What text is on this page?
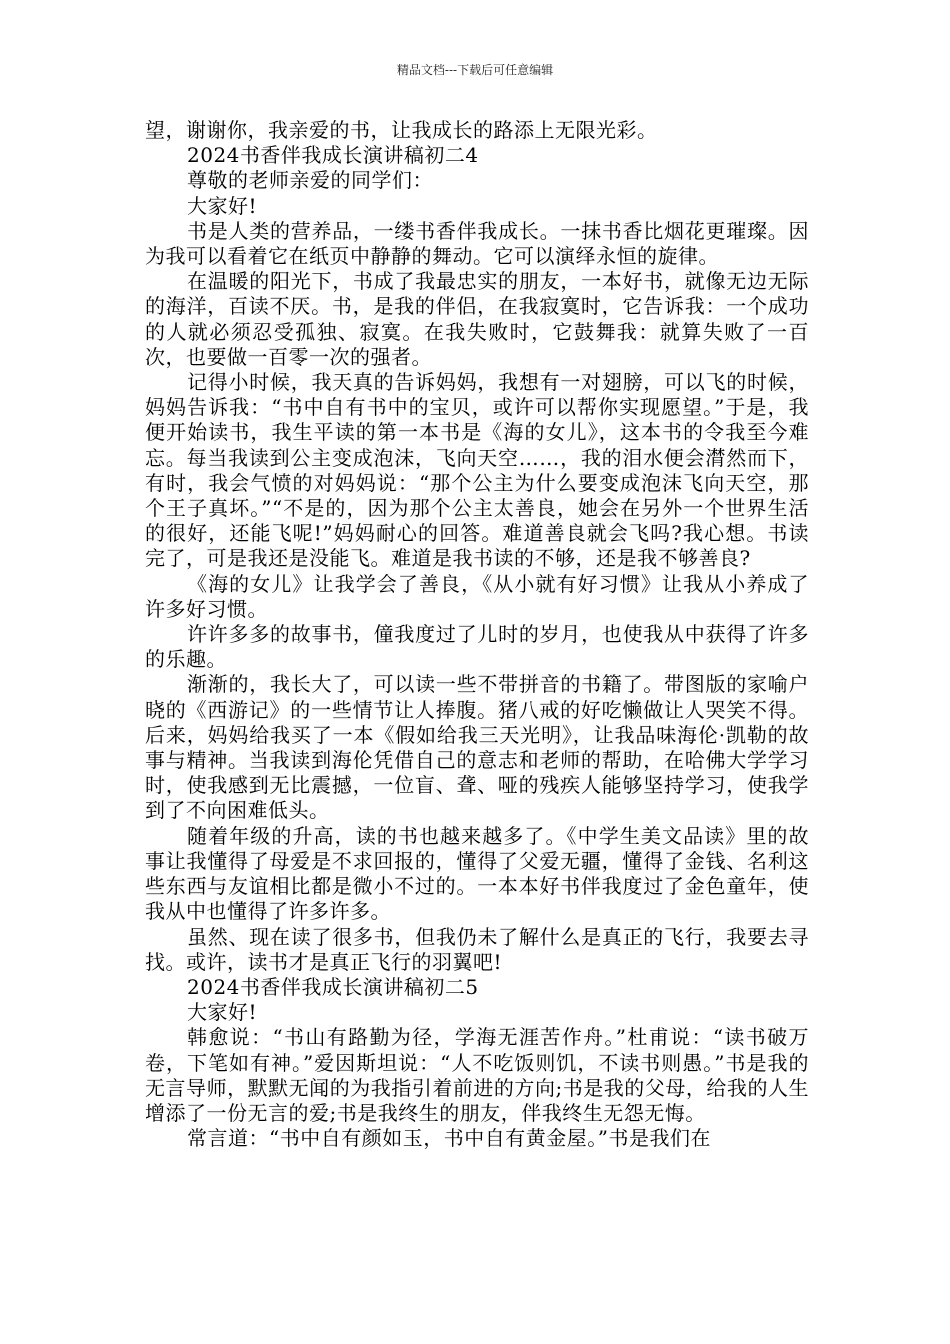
精品文档---下载后可任意编辑

望，谢谢你，我亲爱的书，让我成长的路添上无限光彩。

2024书香伴我成长演讲稿初二4

尊敬的老师亲爱的同学们：

大家好!

书是人类的营养品，一缕书香伴我成长。一抹书香比烟花更璀璨。因为我可以看着它在纸页中静静的舞动。它可以演绎永恒的旋律。

在温暖的阳光下，书成了我最忠实的朋友，一本好书，就像无边无际的海洋，百读不厌。书，是我的伴侣，在我寂寞时，它告诉我：一个成功的人就必须忍受孤独、寂寞。在我失败时，它鼓舞我：就算失败了一百次，也要做一百零一次的强者。

记得小时候，我天真的告诉妈妈，我想有一对翅膀，可以飞的时候，妈妈告诉我：“书中自有书中的宝贝，或许可以帮你实现愿望。”于是，我便开始读书，我生平读的第一本书是《海的女儿》，这本书的令我至今难忘。每当我读到公主变成泡沫，飞向天空……，我的泪水便会潸然而下，有时，我会气愤的对妈妈说：“那个公主为什么要变成泡沫飞向天空，那个王子真坏。”“不是的，因为那个公主太善良，她会在另外一个世界生活的很好，还能飞呢!”妈妈耐心的回答。难道善良就会飞吗?我心想。书读完了，可是我还是没能飞。难道是我书读的不够，还是我不够善良?

《海的女儿》让我学会了善良，《从小就有好习惯》让我从小养成了许多好习惯。

许许多多的故事书，僮我度过了儿时的岁月，也使我从中获得了许多的乐趣。

渐渐的，我长大了，可以读一些不带拼音的书籍了。带图版的家喻户晓的《西游记》的一些情节让人捧腹。猪八戒的好吃懒做让人哭笑不得。后来，妈妈给我买了一本《假如给我三天光明》，让我品味海伦·凯勒的故事与精神。当我读到海伦凭借自己的意志和老师的帮助，在哈佛大学学习时，使我感到无比震撼，一位盲、聋、哑的残疾人能够坚持学习，使我学到了不向困难低头。

随着年级的升高，读的书也越来越多了。《中学生美文品读》里的故事让我懂得了母爱是不求回报的，懂得了父爱无疆，懂得了金钱、名利这些东西与友谊相比都是微小不过的。一本本好书伴我度过了金色童年，使我从中也懂得了许多许多。

虽然、现在读了很多书，但我仍未了解什么是真正的飞行，我要去寻找。或许，读书才是真正飞行的羽翼吧!

2024书香伴我成长演讲稿初二5

大家好!

韩愈说：“书山有路勤为径，学海无涯苦作舟。”杜甫说：“读书破万卷，下笔如有神。”爱因斯坦说：“人不吃饭则饥，不读书则愚。”书是我的无言导师，默默无闻的为我指引着前进的方向;书是我的父母，给我的人生增添了一份无言的爱;书是我终生的朋友，伴我终生无怨无悔。

常言道：“书中自有颜如玉，书中自有黄金屋。”书是我们在
